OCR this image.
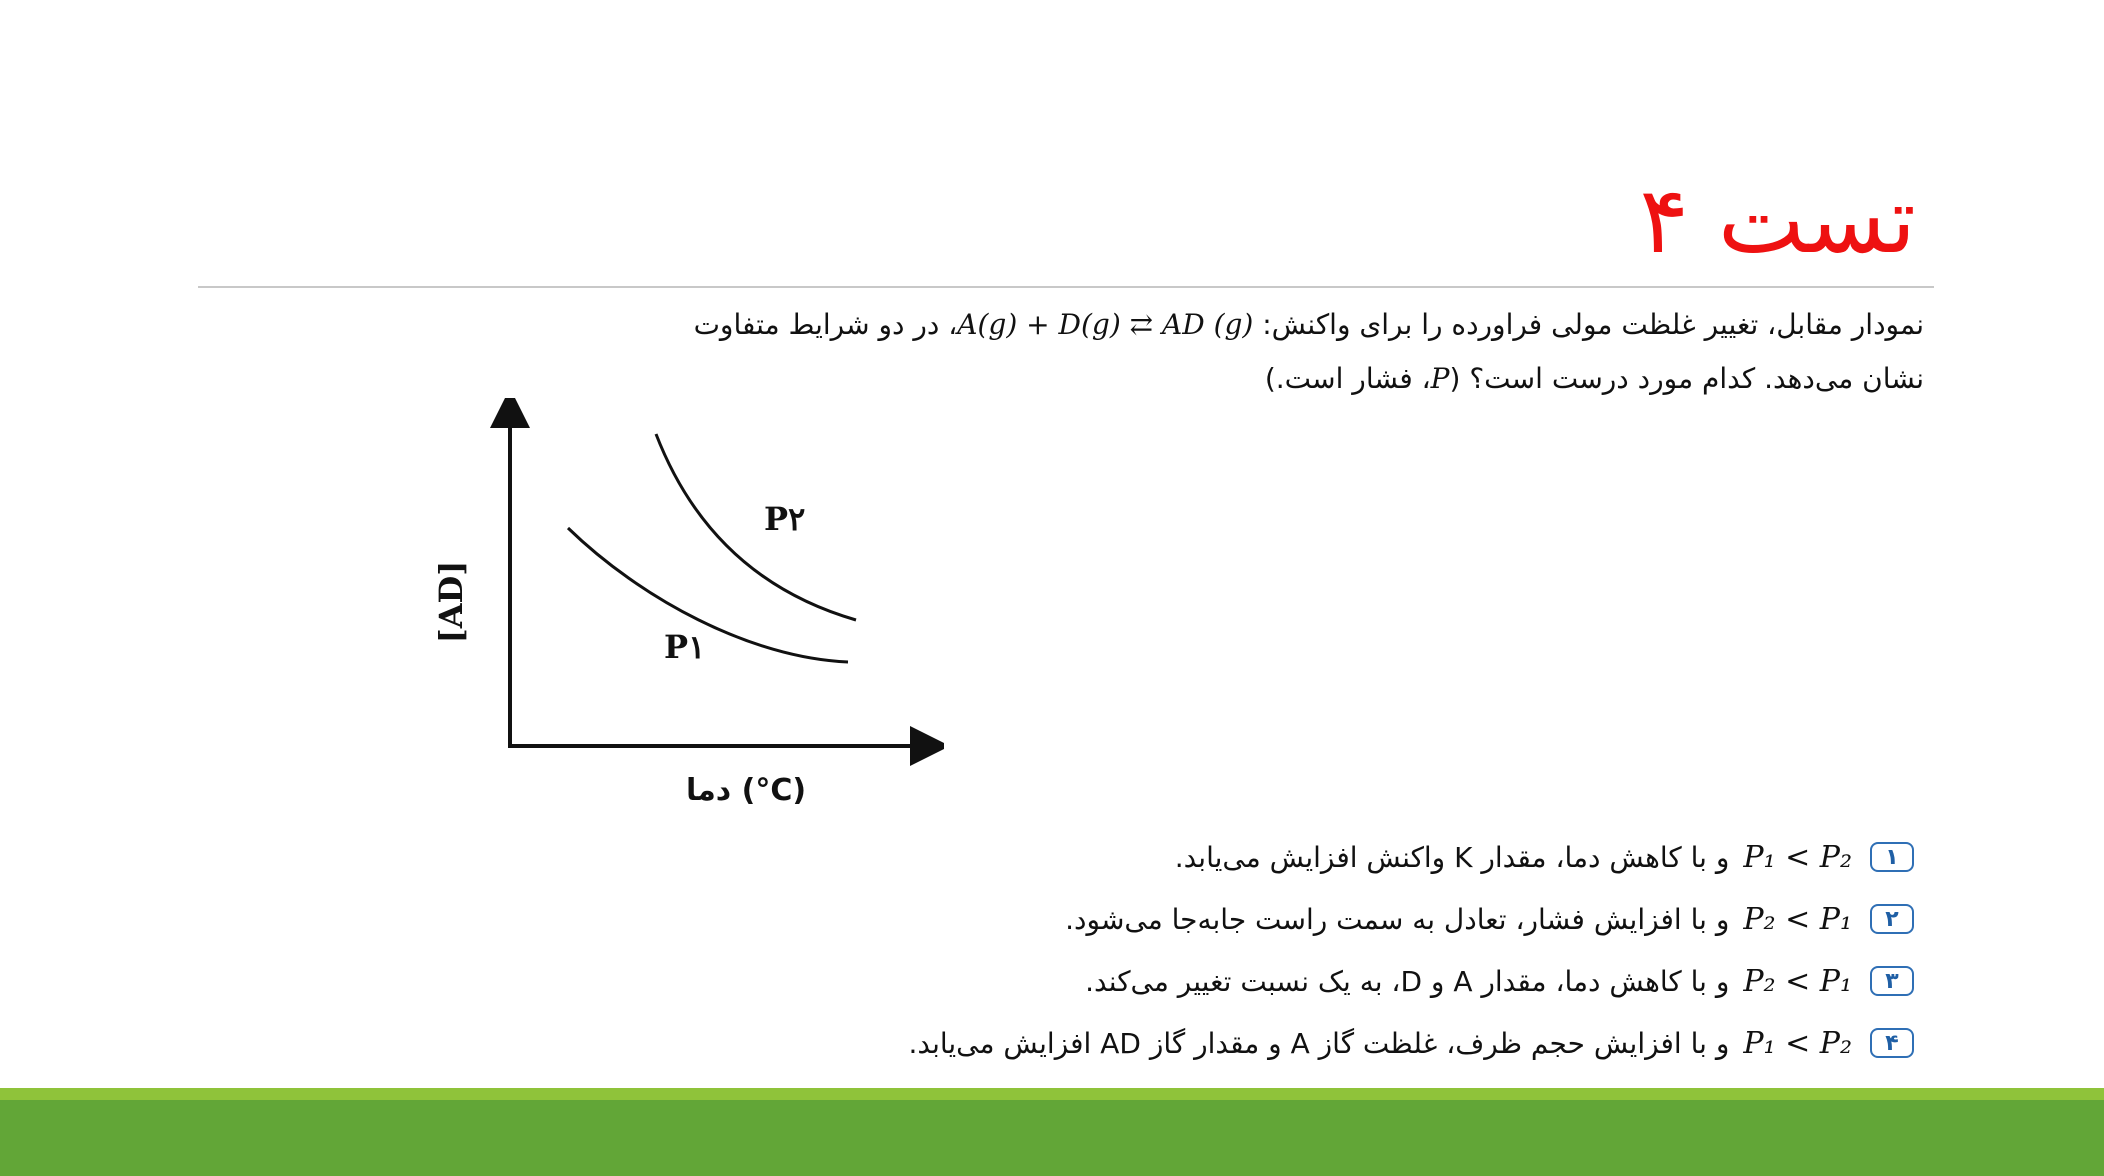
تست ۴
نمودار مقابل، تغییر غلظت مولی فراورده را برای واکنش: A(g) + D(g) ⇄ AD (g)، در دو شرایط متفاوت
نشان می‌دهد. کدام مورد درست است؟ (P، فشار است.)
P۲
P۱
[AD]
دما (°C)
۱
P₁ < P₂
و با کاهش دما، مقدار K واکنش افزایش می‌یابد.
۲
P₂ < P₁
و با افزایش فشار، تعادل به سمت راست جابه‌جا می‌شود.
۳
P₂ < P₁
و با کاهش دما، مقدار A و D، به یک نسبت تغییر می‌کند.
۴
P₁ < P₂
و با افزایش حجم ظرف، غلظت گاز A و مقدار گاز AD افزایش می‌یابد.
